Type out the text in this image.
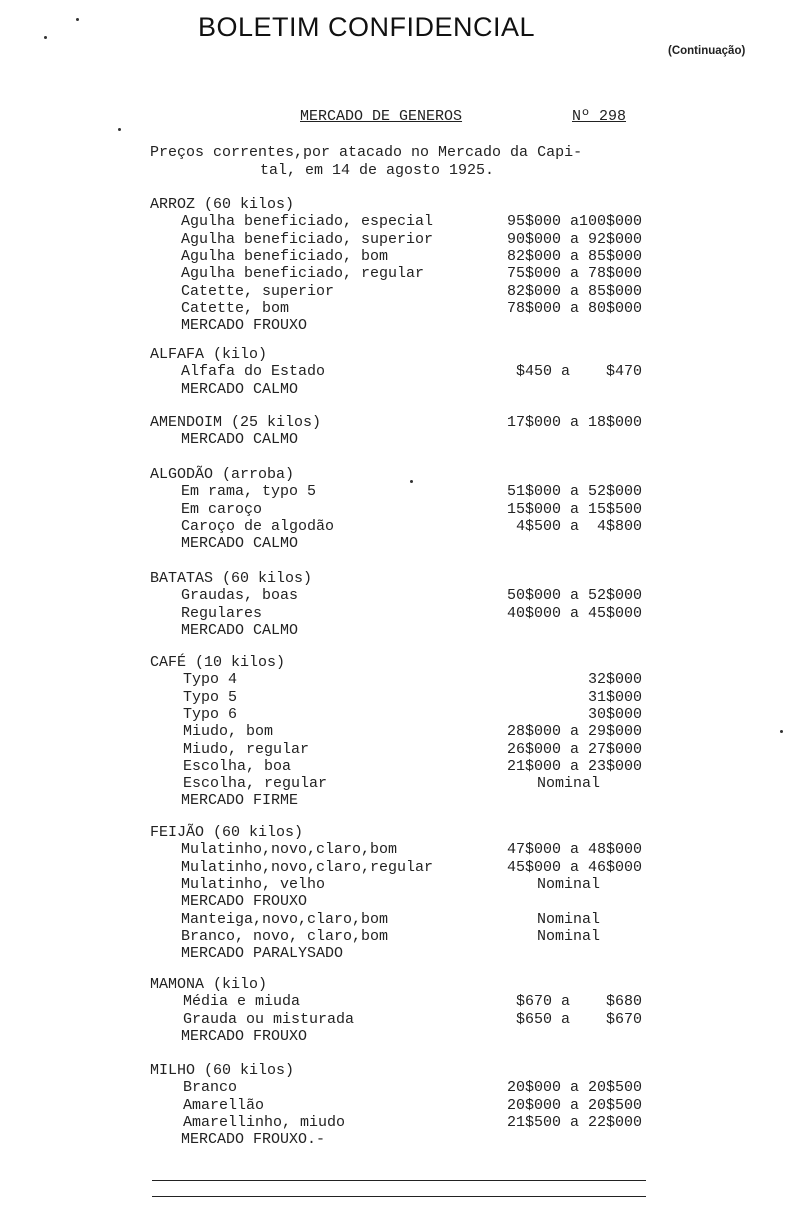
BOLETIM CONFIDENCIAL
(Continuação)
MERCADO DE GENEROS	Nº 298
Preços correntes,por atacado no Mercado da Capi-
tal, em 14 de agosto 1925.
ARROZ (60 kilos)
Agulha beneficiado, especial	95$000 a100$000
Agulha beneficiado, superior	90$000 a 92$000
Agulha beneficiado, bom	82$000 a 85$000
Agulha beneficiado, regular	75$000 a 78$000
Catette, superior	82$000 a 85$000
Catette, bom	78$000 a 80$000
MERCADO FROUXO
ALFAFA (kilo)
Alfafa do Estado	$450 a    $470
MERCADO CALMO
AMENDOIM (25 kilos)	17$000 a 18$000
MERCADO CALMO
ALGODÃO (arroba)
Em rama, typo 5	51$000 a 52$000
Em caroço	15$000 a 15$500
Caroço de algodão	4$500 a  4$800
MERCADO CALMO
BATATAS (60 kilos)
Graudas, boas	50$000 a 52$000
Regulares	40$000 a 45$000
MERCADO CALMO
CAFÉ (10 kilos)
Typo 4	32$000
Typo 5	31$000
Typo 6	30$000
Miudo, bom	28$000 a 29$000
Miudo, regular	26$000 a 27$000
Escolha, boa	21$000 a 23$000
Escolha, regular	Nominal
MERCADO FIRME
FEIJÃO (60 kilos)
Mulatinho,novo,claro,bom	47$000 a 48$000
Mulatinho,novo,claro,regular	45$000 a 46$000
Mulatinho, velho	Nominal
MERCADO FROUXO
Manteiga,novo,claro,bom	Nominal
Branco, novo, claro,bom	Nominal
MERCADO PARALYSADO
MAMONA (kilo)
Média e miuda	$670 a    $680
Grauda ou misturada	$650 a    $670
MERCADO FROUXO
MILHO (60 kilos)
Branco	20$000 a 20$500
Amarellão	20$000 a 20$500
Amarellinho, miudo	21$500 a 22$000
MERCADO FROUXO.-
